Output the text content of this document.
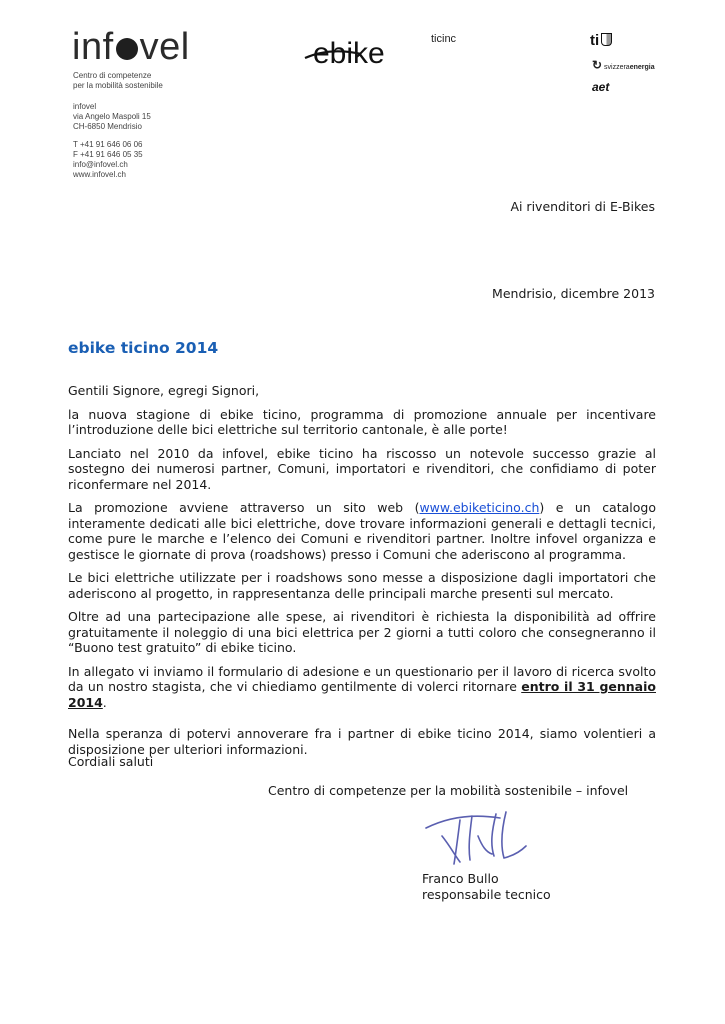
inf vel
Centro di competenze
per la mobilità sostenibile
infovel
via Angelo Maspoli 15
CH-6850 Mendrisio
T +41 91 646 06 06
F +41 91 646 05 35
info@infovel.ch
www.infovel.ch
ebike	ticinc	ti
↻ svizzeraenergia
aet
Ai rivenditori di E-Bikes
Mendrisio, dicembre 2013
ebike ticino 2014

Gentili Signore, egregi Signori,

la nuova stagione di ebike ticino, programma di promozione annuale per incentivare l’introduzione delle bici elettriche sul territorio cantonale, è alle porte!

Lanciato nel 2010 da infovel, ebike ticino ha riscosso un notevole successo grazie al sostegno dei numerosi partner, Comuni, importatori e rivenditori, che confidiamo di poter riconfermare nel 2014.

La promozione avviene attraverso un sito web (www.ebiketicino.ch) e un catalogo interamente dedicati alle bici elettriche, dove trovare informazioni generali e dettagli tecnici, come pure le marche e l’elenco dei Comuni e rivenditori partner. Inoltre infovel organizza e gestisce le giornate di prova (roadshows) presso i Comuni che aderiscono al programma.

Le bici elettriche utilizzate per i roadshows sono messe a disposizione dagli importatori che aderiscono al progetto, in rappresentanza delle principali marche presenti sul mercato.

Oltre ad una partecipazione alle spese, ai rivenditori è richiesta la disponibilità ad offrire gratuitamente il noleggio di una bici elettrica per 2 giorni a tutti coloro che consegneranno il “Buono test gratuito” di ebike ticino.

In allegato vi inviamo il formulario di adesione e un questionario per il lavoro di ricerca svolto da un nostro stagista, che vi chiediamo gentilmente di volerci ritornare entro il 31 gennaio 2014.

Nella speranza di potervi annoverare fra i partner di ebike ticino 2014, siamo volentieri a disposizione per ulteriori informazioni.

Cordiali saluti
Centro di competenze per la mobilità sostenibile – infovel
Franco Bullo
responsabile tecnico
